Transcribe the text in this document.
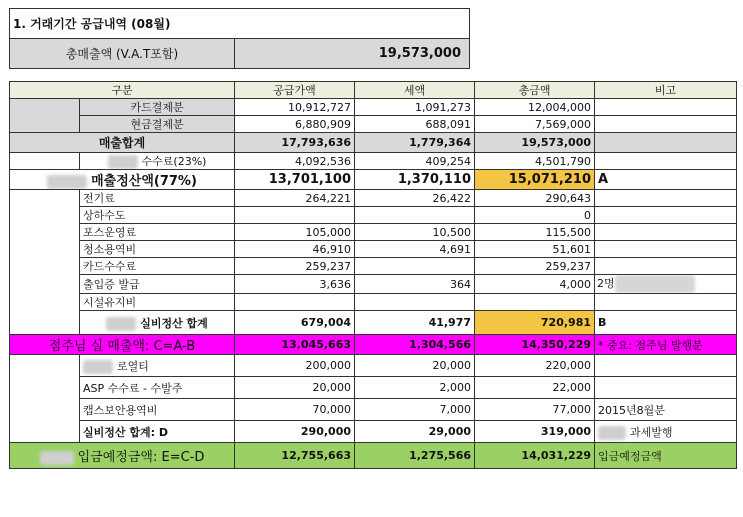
1. 거래기간 공급내역 (08월)
총매출액 (V.A.T포함)	19,573,000
구분		공급가액	세액	총금액	비고
	카드결제분	10,912,727	1,091,273	12,004,000	
	현금결제분	6,880,909	688,091	7,569,000	
매출합계		17,793,636	1,779,364	19,573,000	
	수수료(23%)	4,092,536	409,254	4,501,790	
매출정산액(77%)		13,701,100	1,370,110	15,071,210	A
	전기료	264,221	26,422	290,643	
	상하수도			0	
	포스운영료	105,000	10,500	115,500	
	청소용역비	46,910	4,691	51,601	
	카드수수료	259,237		259,237	
	출입증 발급	3,636	364	4,000	2명
	시설유지비				
	실비정산 합계	679,004	41,977	720,981	B
점주님 실 매출액: C=A-B		13,045,663	1,304,566	14,350,229	* 중요: 점주님 발행분
	로열티	200,000	20,000	220,000	
	ASP 수수료 - 수발주	20,000	2,000	22,000	
	캡스보안용역비	70,000	7,000	77,000	2015년8월분
	실비정산 합계: D	290,000	29,000	319,000	과세발행
입금예정금액: E=C-D		12,755,663	1,275,566	14,031,229	입금예정금액
